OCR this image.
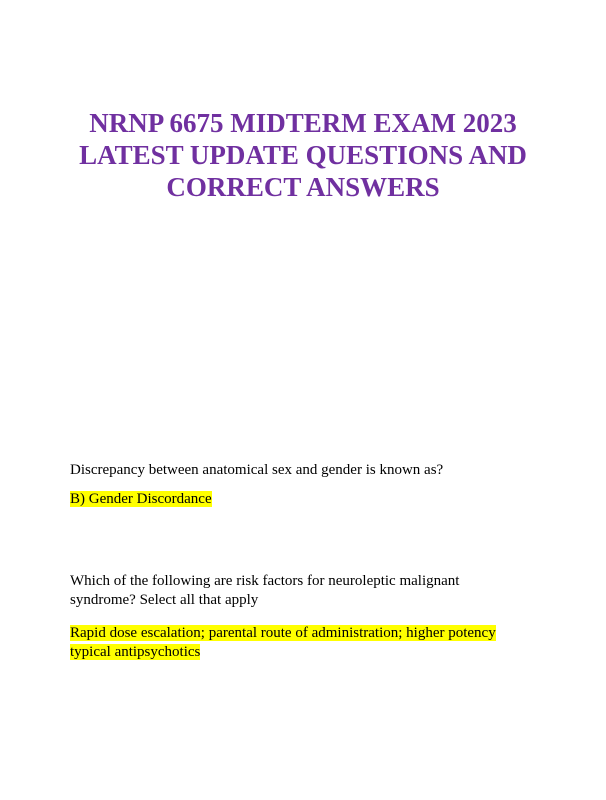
NRNP 6675 MIDTERM EXAM 2023
LATEST UPDATE QUESTIONS AND
CORRECT ANSWERS
Discrepancy between anatomical sex and gender is known as?
B) Gender Discordance
Which of the following are risk factors for neuroleptic malignant
syndrome? Select all that apply
Rapid dose escalation; parental route of administration; higher potency
typical antipsychotics
